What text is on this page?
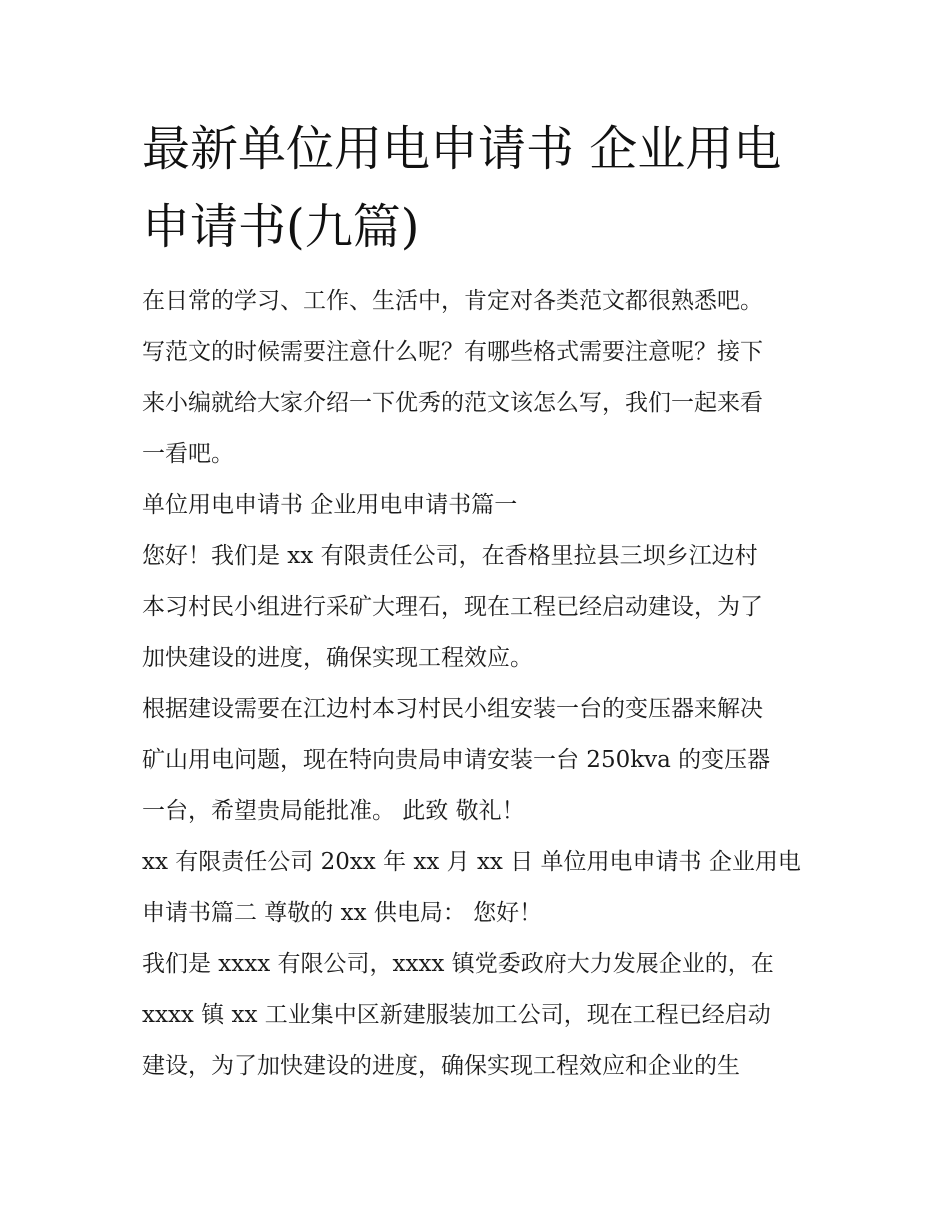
最新单位用电申请书 企业用电
申请书(九篇)

在日常的学习、工作、生活中，肯定对各类范文都很熟悉吧。

写范文的时候需要注意什么呢？有哪些格式需要注意呢？接下

来小编就给大家介绍一下优秀的范文该怎么写，我们一起来看

一看吧。

单位用电申请书 企业用电申请书篇一

您好！我们是 xx 有限责任公司，在香格里拉县三坝乡江边村

本习村民小组进行采矿大理石，现在工程已经启动建设，为了

加快建设的进度，确保实现工程效应。

根据建设需要在江边村本习村民小组安装一台的变压器来解决

矿山用电问题，现在特向贵局申请安装一台 250kva 的变压器

一台，希望贵局能批准。 此致 敬礼！

xx 有限责任公司 20xx 年 xx 月 xx 日 单位用电申请书 企业用电

申请书篇二 尊敬的 xx 供电局： 您好！

我们是 xxxx 有限公司，xxxx 镇党委政府大力发展企业的，在

xxxx 镇 xx 工业集中区新建服装加工公司，现在工程已经启动

建设，为了加快建设的进度，确保实现工程效应和企业的生
